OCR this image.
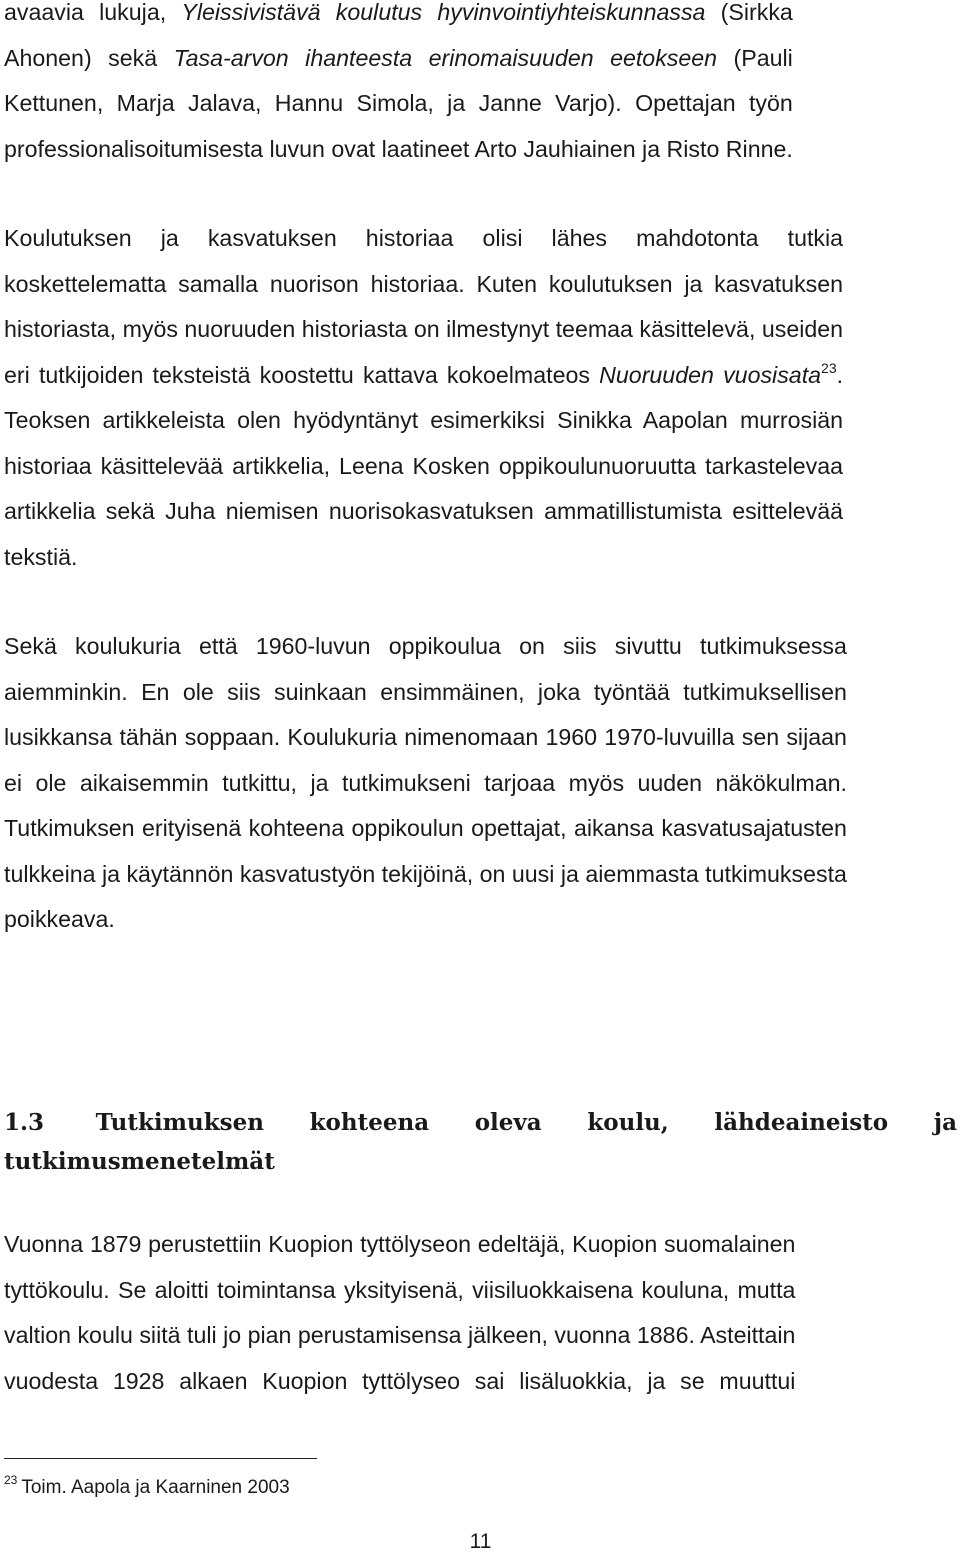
avaavia lukuja, Yleissivistävä koulutus hyvinvointiyhteiskunnassa (Sirkka
Ahonen) sekä Tasa-arvon ihanteesta erinomaisuuden eetokseen (Pauli
Kettunen, Marja Jalava, Hannu Simola, ja Janne Varjo). Opettajan työn
professionalisoitumisesta luvun ovat laatineet Arto Jauhiainen ja Risto Rinne.

Koulutuksen ja kasvatuksen historiaa olisi lähes mahdotonta tutkia
koskettelematta samalla nuorison historiaa. Kuten koulutuksen ja kasvatuksen
historiasta, myös nuoruuden historiasta on ilmestynyt teemaa käsittelevä, useiden
eri tutkijoiden teksteistä koostettu kattava kokoelmateos Nuoruuden vuosisata$^{23}$.
Teoksen artikkeleista olen hyödyntänyt esimerkiksi Sinikka Aapolan murrosiän
historiaa käsittelevää artikkelia, Leena Kosken oppikoulunuoruutta tarkastelevaa
artikkelia sekä Juha niemisen nuorisokasvatuksen ammatillistumista esittelevää
tekstiä.

Sekä koulukuria että 1960-luvun oppikoulua on siis sivuttu tutkimuksessa
aiemminkin. En ole siis suinkaan ensimmäinen, joka työntää tutkimuksellisen
lusikkansa tähän soppaan. Koulukuria nimenomaan 1960 1970-luvuilla sen sijaan
ei ole aikaisemmin tutkittu, ja tutkimukseni tarjoaa myös uuden näkökulman.
Tutkimuksen erityisenä kohteena oppikoulun opettajat, aikansa kasvatusajatusten
tulkkeina ja käytännön kasvatustyön tekijöinä, on uusi ja aiemmasta tutkimuksesta
poikkeava.

1.3 Tutkimuksen kohteena oleva koulu, lähdeaineisto ja
tutkimusmenetelmät

Vuonna 1879 perustettiin Kuopion tyttölyseon edeltäjä, Kuopion suomalainen
tyttökoulu. Se aloitti toimintansa yksityisenä, viisiluokkaisena kouluna, mutta
valtion koulu siitä tuli jo pian perustamisensa jälkeen, vuonna 1886. Asteittain
vuodesta 1928 alkaen Kuopion tyttölyseo sai lisäluokkia, ja se muuttui

$^{23}$ Toim. Aapola ja Kaarninen 2003
11
